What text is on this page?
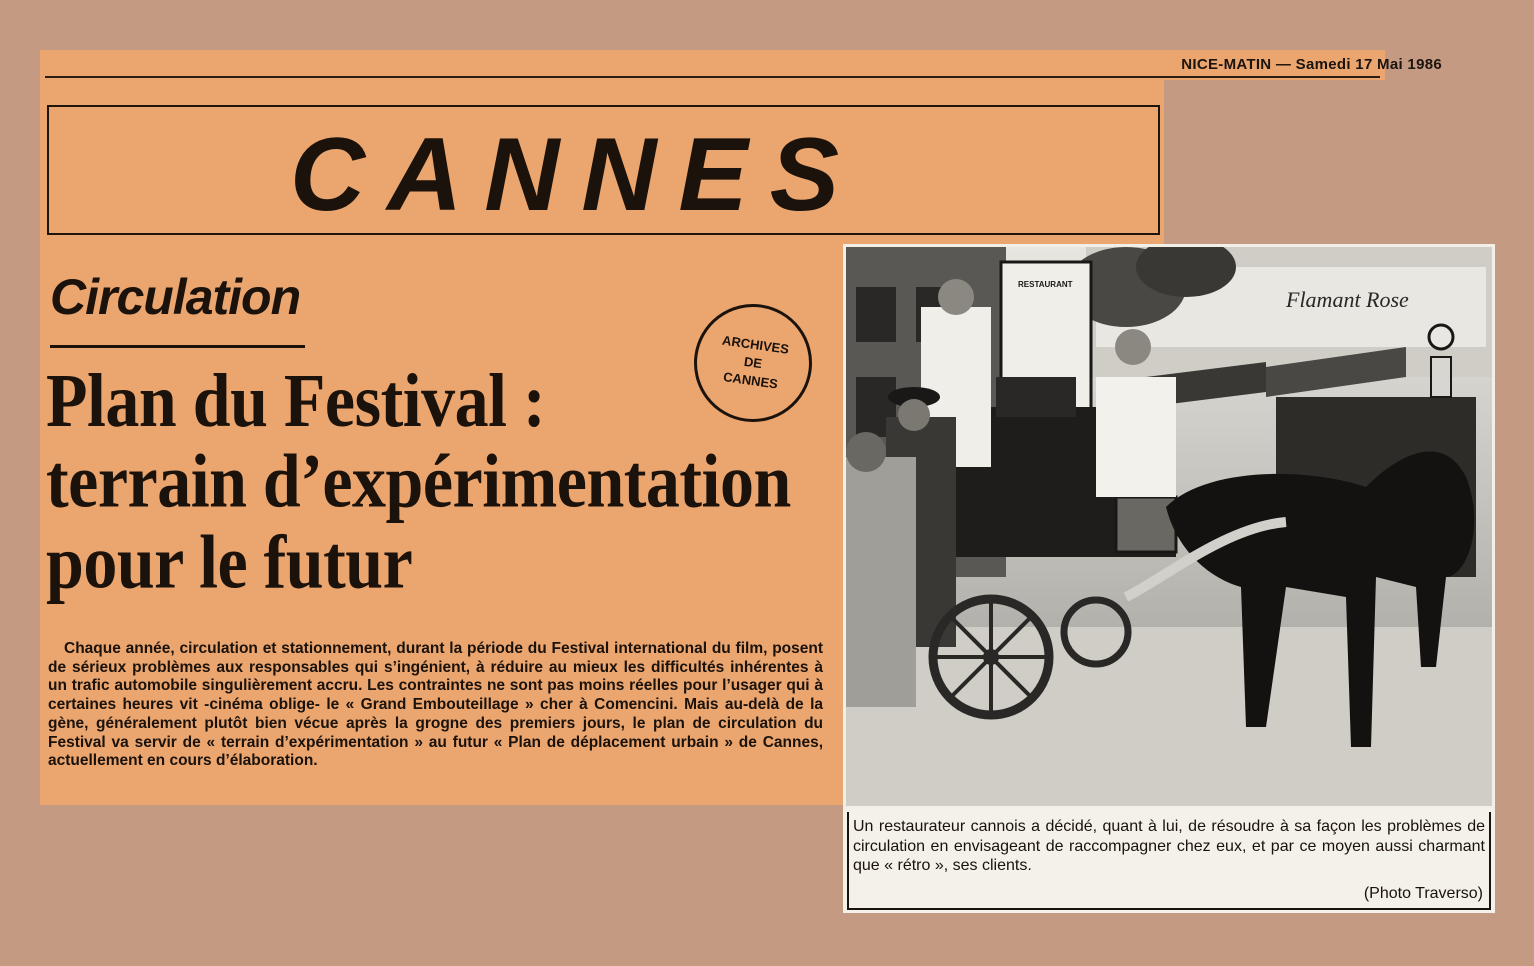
NICE-MATIN — Samedi 17 Mai 1986
CANNES
Circulation
Plan du Festival :
terrain d’expérimentation
pour le futur
ARCHIVES
DE
CANNES
Chaque année, circulation et stationnement, durant la période du Festival international du film, posent de sérieux problèmes aux responsables qui s’ingénient, à réduire au mieux les difficultés inhérentes à un trafic automobile singulièrement accru. Les contraintes ne sont pas moins réelles pour l’usager qui à certaines heures vit -cinéma oblige- le « Grand Embouteillage » cher à Comencini. Mais au-delà de la gène, généralement plutôt bien vécue après la grogne des premiers jours, le plan de circulation du Festival va servir de « terrain d’expérimentation » au futur « Plan de déplacement urbain » de Cannes, actuellement en cours d’élaboration.
Flamant Rose
RESTAURANT
Un restaurateur cannois a décidé, quant à lui, de résoudre à sa façon les problèmes de circulation en envisageant de raccompagner chez eux, et par ce moyen aussi charmant que « rétro », ses clients.
(Photo Traverso)
